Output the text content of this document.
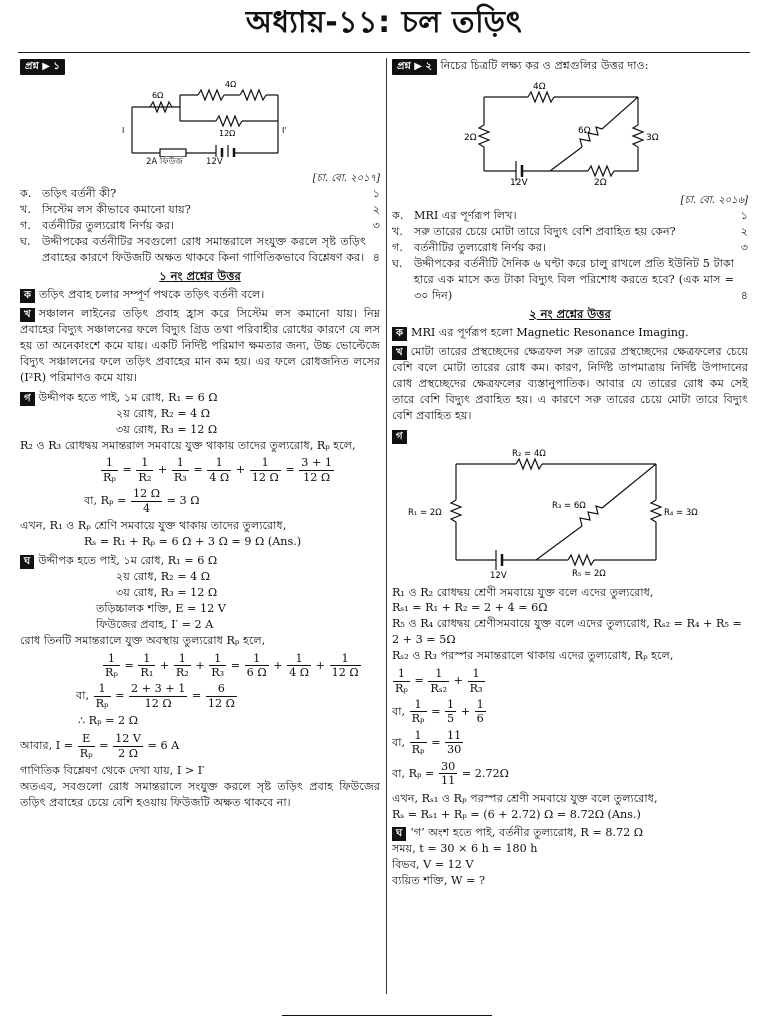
অধ্যায়-১১: চল তড়িৎ
প্রশ্ন ▶ ১
6Ω
4Ω
12Ω
I	I'
2A ফিউজ	12V
[চা. বো. ২০১৭]
ক. তড়িৎ বর্তনী কী?	১
খ. সিস্টেম লস কীভাবে কমানো যায়?	২
গ. বর্তনীটির তুল্যরোধ নির্ণয় কর।	৩
ঘ.	উদ্দীপকের বর্তনীটির সবগুলো রোধ সমান্তরালে সংযুক্ত করলে সৃষ্ট তড়িৎ প্রবাহের কারণে ফিউজটি অক্ষত থাকবে কিনা গাণিতিকভাবে বিশ্লেষণ কর। ৪
১ নং প্রশ্নের উত্তর
ক তড়িৎ প্রবাহ চলার সম্পূর্ণ পথকে তড়িৎ বর্তনী বলে।
খ সঞ্চালন লাইনের তড়িৎ প্রবাহ হ্রাস করে সিস্টেম লস কমানো যায়। নিম্ন প্রবাহের বিদ্যুৎ সঞ্চালনের ফলে বিদ্যুৎ গ্রিড তথা পরিবাহীর রোধের কারণে যে লস হয় তা অনেকাংশে কমে যায়। একটি নির্দিষ্ট পরিমাণ ক্ষমতার জন্য, উচ্চ ভোল্টেজে বিদ্যুৎ সঞ্চালনের ফলে তড়িৎ প্রবাহের মান কম হয়। এর ফলে রোধজনিত লসের (I²R) পরিমাণও কমে যায়।
গ উদ্দীপক হতে পাই, ১ম রোধ, R₁ = 6 Ω
২য় রোধ, R₂ = 4 Ω
৩য় রোধ, R₃ = 12 Ω
R₂ ও R₃ রোধদ্বয় সমান্তরাল সমবায়ে যুক্ত থাকায় তাদের তুল্যরোধ, Rₚ হলে,
$\frac{1}{\text{Rₚ}} = \frac{1}{\text{R₂}} + \frac{1}{\text{R₃}} = \frac{1}{4 \Omega} + \frac{1}{12 \Omega} = \frac{3 + 1}{12 \Omega}$
বা, $R_p = \frac{12 \Omega}{4} = 3$ Ω
এখন, R₁ ও Rₚ শ্রেণি সমবায়ে যুক্ত থাকায় তাদের তুল্যরোধ,
Rₛ = R₁ + Rₚ = 6 Ω + 3 Ω = 9 Ω (Ans.)
ঘ উদ্দীপক হতে পাই, ১ম রোধ, R₁ = 6 Ω
২য় রোধ, R₂ = 4 Ω
৩য় রোধ, R₃ = 12 Ω
তড়িচ্চালক শক্তি, E = 12 V
ফিউজের প্রবাহ, I′ = 2 A
রোধ তিনটি সমান্তরালে যুক্ত অবস্থায় তুল্যরোধ Rₚ হলে,
$\frac{1}{\text{Rₚ}} = \frac{1}{\text{R₁}} + \frac{1}{\text{R₂}} + \frac{1}{\text{R₃}} = \frac{1}{6 \Omega} + \frac{1}{4 \Omega} + \frac{1}{12 \Omega}$
বা, $\frac{1}{\text{Rₚ}} = \frac{2 + 3 + 1}{12 \Omega} = \frac{6}{12 \Omega}$
∴ Rₚ = 2 Ω
আবার, $I = \frac{E}{\text{Rₚ}} = \frac{12 V}{2 \Omega} = 6$ A
গাণিতিক বিশ্লেষণ থেকে দেখা যায়, I > I′
অতএব, সবগুলো রোধ সমান্তরালে সংযুক্ত করলে সৃষ্ট তড়িৎ প্রবাহ ফিউজের তড়িৎ প্রবাহের চেয়ে বেশি হওয়ায় ফিউজটি অক্ষত থাকবে না।
প্রশ্ন ▶ ২ নিচের চিত্রটি লক্ষ্য কর ও প্রশ্নগুলির উত্তর দাও:
4Ω
2Ω
6Ω
3Ω
2Ω
12V
[চা. বো. ২০১৬]
ক. MRI এর পূর্ণরূপ লিখ।	১
খ. সরু তারের চেয়ে মোটা তারে বিদ্যুৎ বেশি প্রবাহিত হয় কেন?	২
গ. বর্তনীটির তুল্যরোধ নির্ণয় কর।	৩
ঘ.	উদ্দীপকের বর্তনীটি দৈনিক ৬ ঘণ্টা করে চালু রাখলে প্রতি ইউনিট 5 টাকা হারে এক মাসে কত টাকা বিদ্যুৎ বিল পরিশোধ করতে হবে? (এক মাস = ৩০ দিন)	৪
২ নং প্রশ্নের উত্তর
ক MRI এর পূর্ণরূপ হলো Magnetic Resonance Imaging.
খ মোটা তারের প্রস্থচ্ছেদের ক্ষেত্রফল সরু তারের প্রস্থচ্ছেদের ক্ষেত্রফলের চেয়ে বেশি বলে মোটা তারের রোধ কম। কারণ, নির্দিষ্ট তাপমাত্রায় নির্দিষ্ট উপাদানের রোধ প্রস্থচ্ছেদের ক্ষেত্রফলের ব্যস্তানুপাতিক। আবার যে তারের রোধ কম সেই তারে বেশি বিদ্যুৎ প্রবাহিত হয়। এ কারণে সরু তারের চেয়ে মোটা তারে বিদ্যুৎ বেশি প্রবাহিত হয়।
গ
R₂ = 4Ω
R₁ = 2Ω
R₃ = 6Ω
R₄ = 3Ω
R₅ = 2Ω
12V
R₁ ও R₂ রোধদ্বয় শ্রেণী সমবায়ে যুক্ত বলে এদের তুল্যরোধ,
Rₛ₁ = R₁ + R₂ = 2 + 4 = 6Ω
R₅ ও R₄ রোধদ্বয় শ্রেণীসমবায়ে যুক্ত বলে এদের তুল্যরোধ, Rₛ₂ = R₄ + R₅ = 2 + 3 = 5Ω
Rₛ₂ ও R₃ পরস্পর সমান্তরালে থাকায় এদের তুল্যরোধ, Rₚ হলে,
$\frac{1}{\text{Rₚ}} = \frac{1}{\text{Rₛ₂}} + \frac{1}{\text{R₃}}$
বা, $\frac{1}{\text{Rₚ}} = \frac{1}{5} + \frac{1}{6}$
বা, $\frac{1}{\text{Rₚ}} = \frac{11}{30}$
বা, $R_p = \frac{30}{11} = 2.72\Omega$
এখন, Rₛ₁ ও Rₚ পরস্পর শ্রেণী সমবায়ে যুক্ত বলে তুল্যরোধ,
Rₛ = Rₛ₁ + Rₚ = (6 + 2.72) Ω = 8.72Ω (Ans.)
ঘ ‘গ’ অংশ হতে পাই, বর্তনীর তুল্যরোধ, R = 8.72 Ω
সময়, t = 30 × 6 h = 180 h
বিভব, V = 12 V
ব্যয়িত শক্তি, W = ?
